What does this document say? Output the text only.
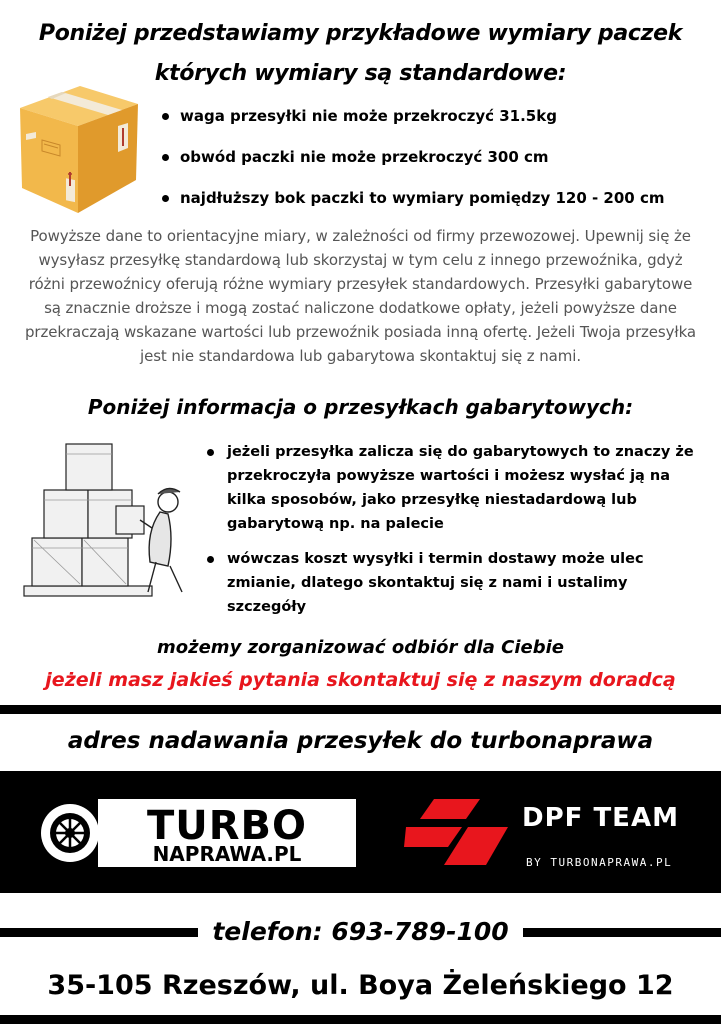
Poniżej przedstawiamy przykładowe wymiary paczek
których wymiary są standardowe:
waga przesyłki nie może przekroczyć 31.5kg
obwód paczki nie może przekroczyć 300 cm
najdłuższy bok paczki to wymiary pomiędzy 120 - 200 cm
Powyższe dane to orientacyjne miary, w zależności od firmy przewozowej. Upewnij się że wysyłasz przesyłkę standardową lub skorzystaj w tym celu z innego przewoźnika, gdyż różni przewoźnicy oferują różne wymiary przesyłek standardowych. Przesyłki gabarytowe są znacznie droższe i mogą zostać naliczone dodatkowe opłaty, jeżeli powyższe dane przekraczają wskazane wartości lub przewoźnik posiada inną ofertę. Jeżeli Twoja przesyłka jest nie standardowa lub gabarytowa skontaktuj się z nami.
Poniżej informacja o przesyłkach gabarytowych:
jeżeli przesyłka zalicza się do gabarytowych to znaczy że przekroczyła powyższe wartości i możesz wysłać ją na kilka sposobów, jako przesyłkę niestadardową lub gabarytową np. na palecie
wówczas koszt wysyłki i termin dostawy może ulec zmianie, dlatego skontaktuj się z nami i ustalimy szczegóły
możemy zorganizować odbiór dla Ciebie
jeżeli masz jakieś pytania skontaktuj się z naszym doradcą
adres nadawania przesyłek do turbonaprawa
TURBO
NAPRAWA.PL
DPF TEAM
BY TURBONAPRAWA.PL
telefon: 693-789-100
35-105 Rzeszów, ul. Boya Żeleńskiego 12
